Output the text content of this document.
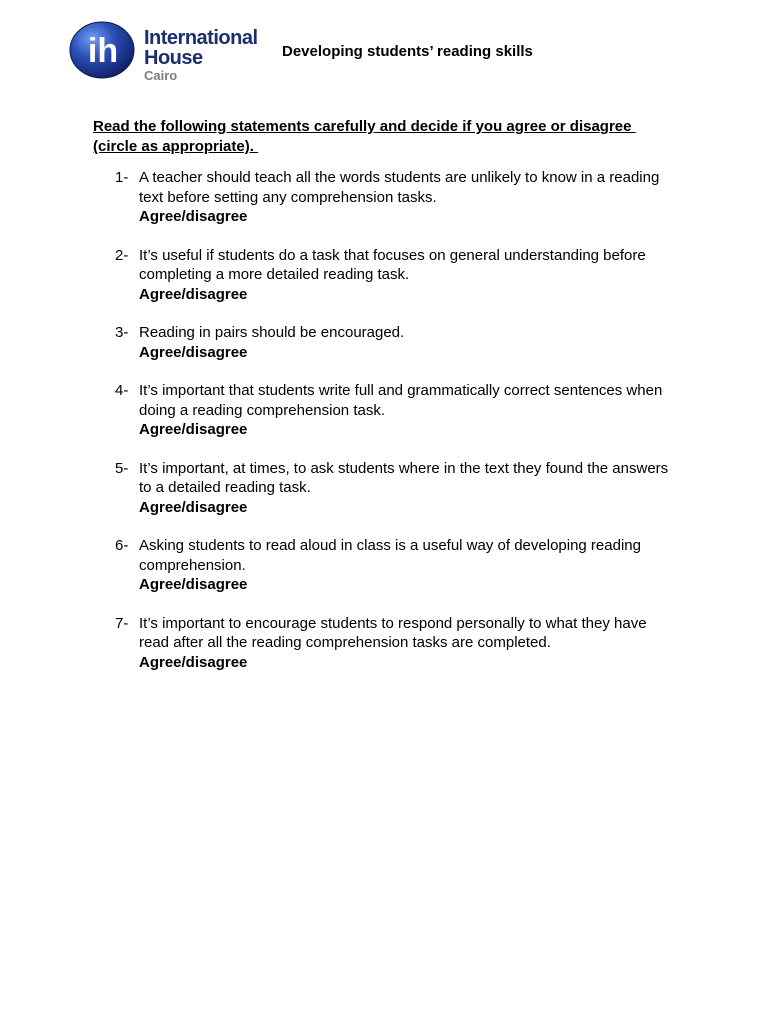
ih International
House
Cairo
Developing students’ reading skills
Read the following statements carefully and decide if you agree or disagree (circle as appropriate).
1- A teacher should teach all the words students are unlikely to know in a reading text before setting any comprehension tasks.
Agree/disagree
2- It’s useful if students do a task that focuses on general understanding before completing a more detailed reading task.
Agree/disagree
3- Reading in pairs should be encouraged.
Agree/disagree
4- It’s important that students write full and grammatically correct sentences when doing a reading comprehension task.
Agree/disagree
5- It’s important, at times, to ask students where in the text they found the answers to a detailed reading task.
Agree/disagree
6- Asking students to read aloud in class is a useful way of developing reading comprehension.
Agree/disagree
7- It’s important to encourage students to respond personally to what they have read after all the reading comprehension tasks are completed.
Agree/disagree
